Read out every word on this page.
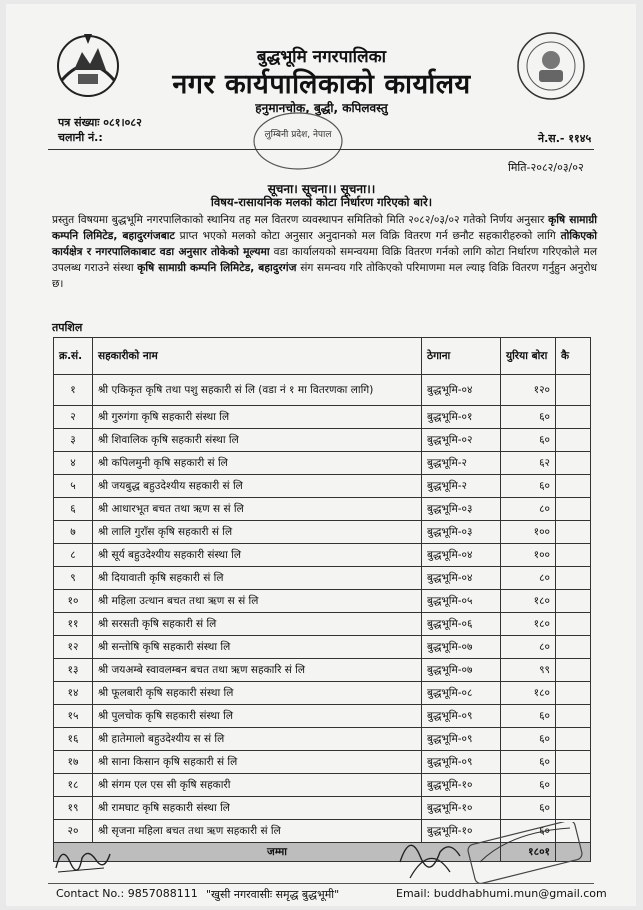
बुद्धभूमि नगरपालिका
नगर कार्यपालिकाको कार्यालय
हनुमानचोक, बुद्धी, कपिलवस्तु
लुम्बिनी प्रदेश, नेपाल
पत्र संख्याः ०८१।०८२
चलानी नं.:	ने.स.- ११४५
मिति-२०८२/०३/०२
सूचना। सूचना।। सूचना।।
विषय-रासायनिक मलको कोटा निर्धारण गरिएको बारे।
प्रस्तुत विषयमा बुद्धभूमि नगरपालिकाको स्थानिय तह मल वितरण व्यवस्थापन समितिको मिति २०८२/०३/०२ गतेको निर्णय अनुसार कृषि सामाग्री कम्पनि लिमिटेड, बहादुरगंजबाट प्राप्त भएको मलको कोटा अनुसार अनुदानको मल विक्रि वितरण गर्न छनौट सहकारीहरुको लागि तोकिएको कार्यक्षेत्र र नगरपालिकाबाट वडा अनुसार तोकेको मूल्यमा वडा कार्यालयको समन्वयमा विक्रि वितरण गर्नको लागि कोटा निर्धारण गरिएकोले मल उपलब्ध गराउने संस्था कृषि सामाग्री कम्पनि लिमिटेड, बहादुरगंज संग समन्वय गरि तोकिएको परिमाणमा मल ल्याइ विक्रि वितरण गर्नुहुन अनुरोध छ।
तपशिल
क्र.सं.	सहकारीको नाम	ठेगाना	युरिया बोरा	कै
१	श्री एकिकृत कृषि तथा पशु सहकारी सं लि (वडा नं १ मा वितरणका लागि)	बुद्धभूमि-०४	१२०	
२	श्री गुरुगंगा कृषि सहकारी संस्था लि	बुद्धभूमि-०१	६०	
३	श्री शिवालिक कृषि सहकारी संस्था लि	बुद्धभूमि-०२	६०	
४	श्री कपिलमुनी कृषि सहकारी सं लि	बुद्धभूमि-२	६२	
५	श्री जयबुद्ध बहुउदेश्यीय सहकारी सं लि	बुद्धभूमि-२	६०	
६	श्री आधारभूत बचत तथा ऋण स सं लि	बुद्धभूमि-०३	८०	
७	श्री लालि गुराँस कृषि सहकारी सं लि	बुद्धभूमि-०३	१००	
८	श्री सूर्य बहुउदेश्यीय सहकारी संस्था लि	बुद्धभूमि-०४	१००	
९	श्री दियावाती कृषि सहकारी सं लि	बुद्धभूमि-०४	८०	
१०	श्री महिला उत्थान बचत तथा ऋण स सं लि	बुद्धभूमि-०५	१८०	
११	श्री सरसती कृषि सहकारी सं लि	बुद्धभूमि-०६	१८०	
१२	श्री सन्तोषि कृषि सहकारी संस्था लि	बुद्धभूमि-०७	८०	
१३	श्री जयअम्बे स्वावलम्बन बचत तथा ऋण सहकारि सं लि	बुद्धभूमि-०७	९९	
१४	श्री फूलबारी कृषि सहकारी संस्था लि	बुद्धभूमि-०८	१८०	
१५	श्री पुलचोक कृषि सहकारी संस्था लि	बुद्धभूमि-०९	६०	
१६	श्री हातेमालो बहुउदेश्यीय स सं लि	बुद्धभूमि-०९	६०	
१७	श्री साना किसान कृषि सहकारी सं लि	बुद्धभूमि-०९	६०	
१८	श्री संगम एल एस सी कृषि सहकारी	बुद्धभूमि-१०	६०	
१९	श्री रामघाट कृषि सहकारी संस्था लि	बुद्धभूमि-१०	६०	
२०	श्री सृजना महिला बचत तथा ऋण सहकारी सं लि	बुद्धभूमि-१०	६०	
जम्मा			१८०१	
Contact No.: 9857088111 "खुसी नगरवासीः समृद्ध बुद्धभूमी"	Email: buddhabhumi.mun@gmail.com
